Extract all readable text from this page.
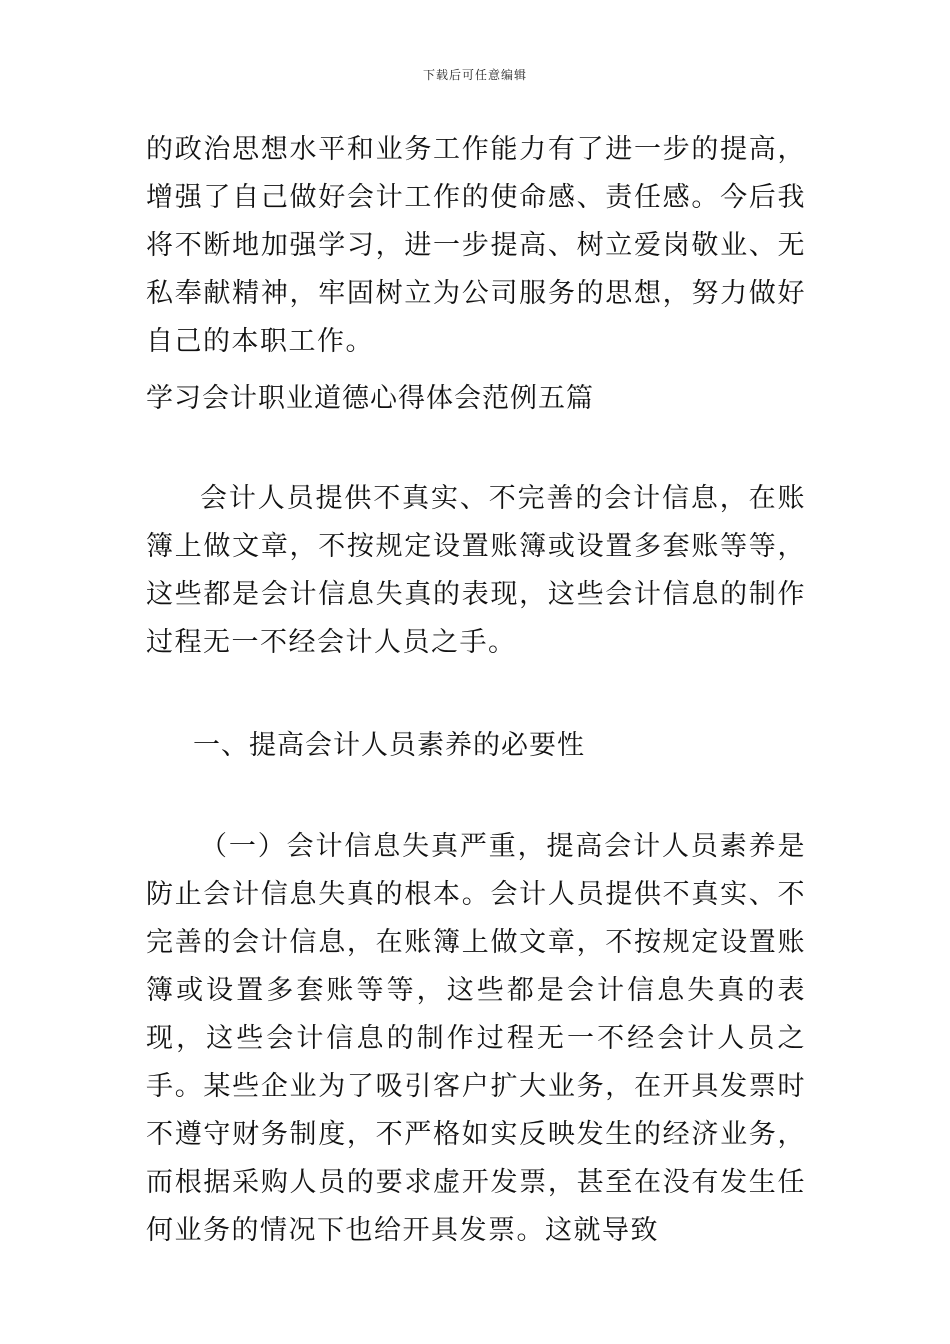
下载后可任意编辑

的政治思想水平和业务工作能力有了进一步的提高，增强了自己做好会计工作的使命感、责任感。今后我将不断地加强学习，进一步提高、树立爱岗敬业、无私奉献精神，牢固树立为公司服务的思想，努力做好自己的本职工作。

学习会计职业道德心得体会范例五篇

会计人员提供不真实、不完善的会计信息，在账簿上做文章，不按规定设置账簿或设置多套账等等，这些都是会计信息失真的表现，这些会计信息的制作过程无一不经会计人员之手。

一、提高会计人员素养的必要性

（一）会计信息失真严重，提高会计人员素养是防止会计信息失真的根本。会计人员提供不真实、不完善的会计信息，在账簿上做文章，不按规定设置账簿或设置多套账等等，这些都是会计信息失真的表现，这些会计信息的制作过程无一不经会计人员之手。某些企业为了吸引客户扩大业务，在开具发票时不遵守财务制度，不严格如实反映发生的经济业务，而根据采购人员的要求虚开发票，甚至在没有发生任何业务的情况下也给开具发票。这就导致
